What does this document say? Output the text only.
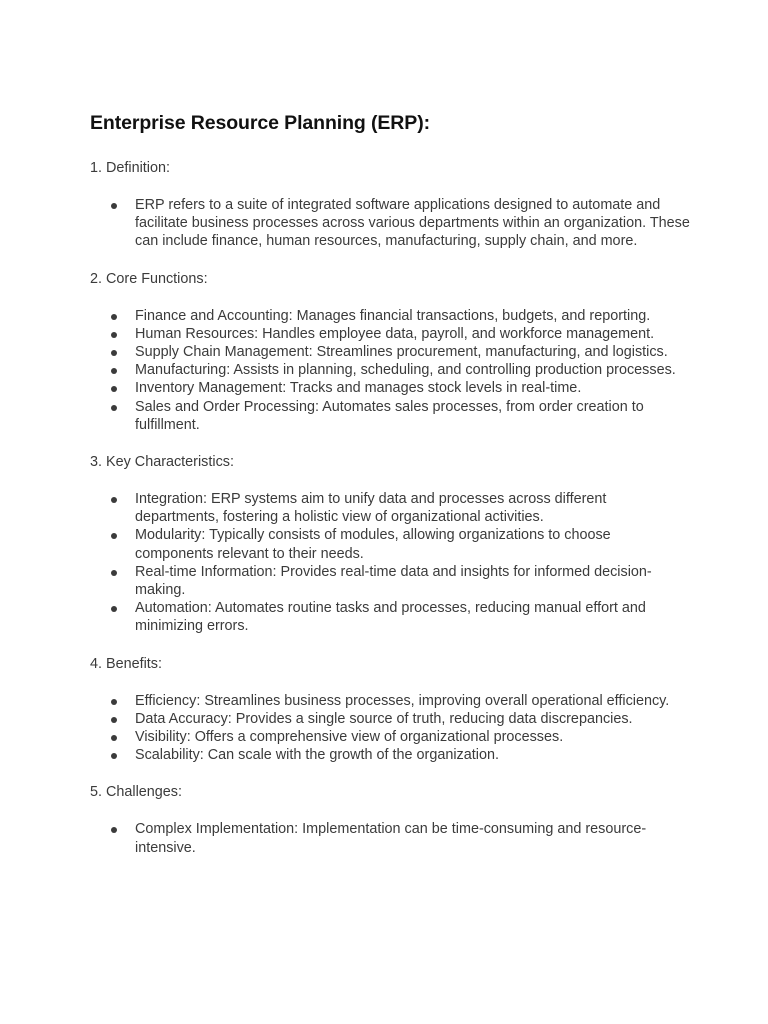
Enterprise Resource Planning (ERP):
1. Definition:
ERP refers to a suite of integrated software applications designed to automate and facilitate business processes across various departments within an organization. These can include finance, human resources, manufacturing, supply chain, and more.
2. Core Functions:
Finance and Accounting: Manages financial transactions, budgets, and reporting.
Human Resources: Handles employee data, payroll, and workforce management.
Supply Chain Management: Streamlines procurement, manufacturing, and logistics.
Manufacturing: Assists in planning, scheduling, and controlling production processes.
Inventory Management: Tracks and manages stock levels in real-time.
Sales and Order Processing: Automates sales processes, from order creation to fulfillment.
3. Key Characteristics:
Integration: ERP systems aim to unify data and processes across different departments, fostering a holistic view of organizational activities.
Modularity: Typically consists of modules, allowing organizations to choose components relevant to their needs.
Real-time Information: Provides real-time data and insights for informed decision-making.
Automation: Automates routine tasks and processes, reducing manual effort and minimizing errors.
4. Benefits:
Efficiency: Streamlines business processes, improving overall operational efficiency.
Data Accuracy: Provides a single source of truth, reducing data discrepancies.
Visibility: Offers a comprehensive view of organizational processes.
Scalability: Can scale with the growth of the organization.
5. Challenges:
Complex Implementation: Implementation can be time-consuming and resource-intensive.
